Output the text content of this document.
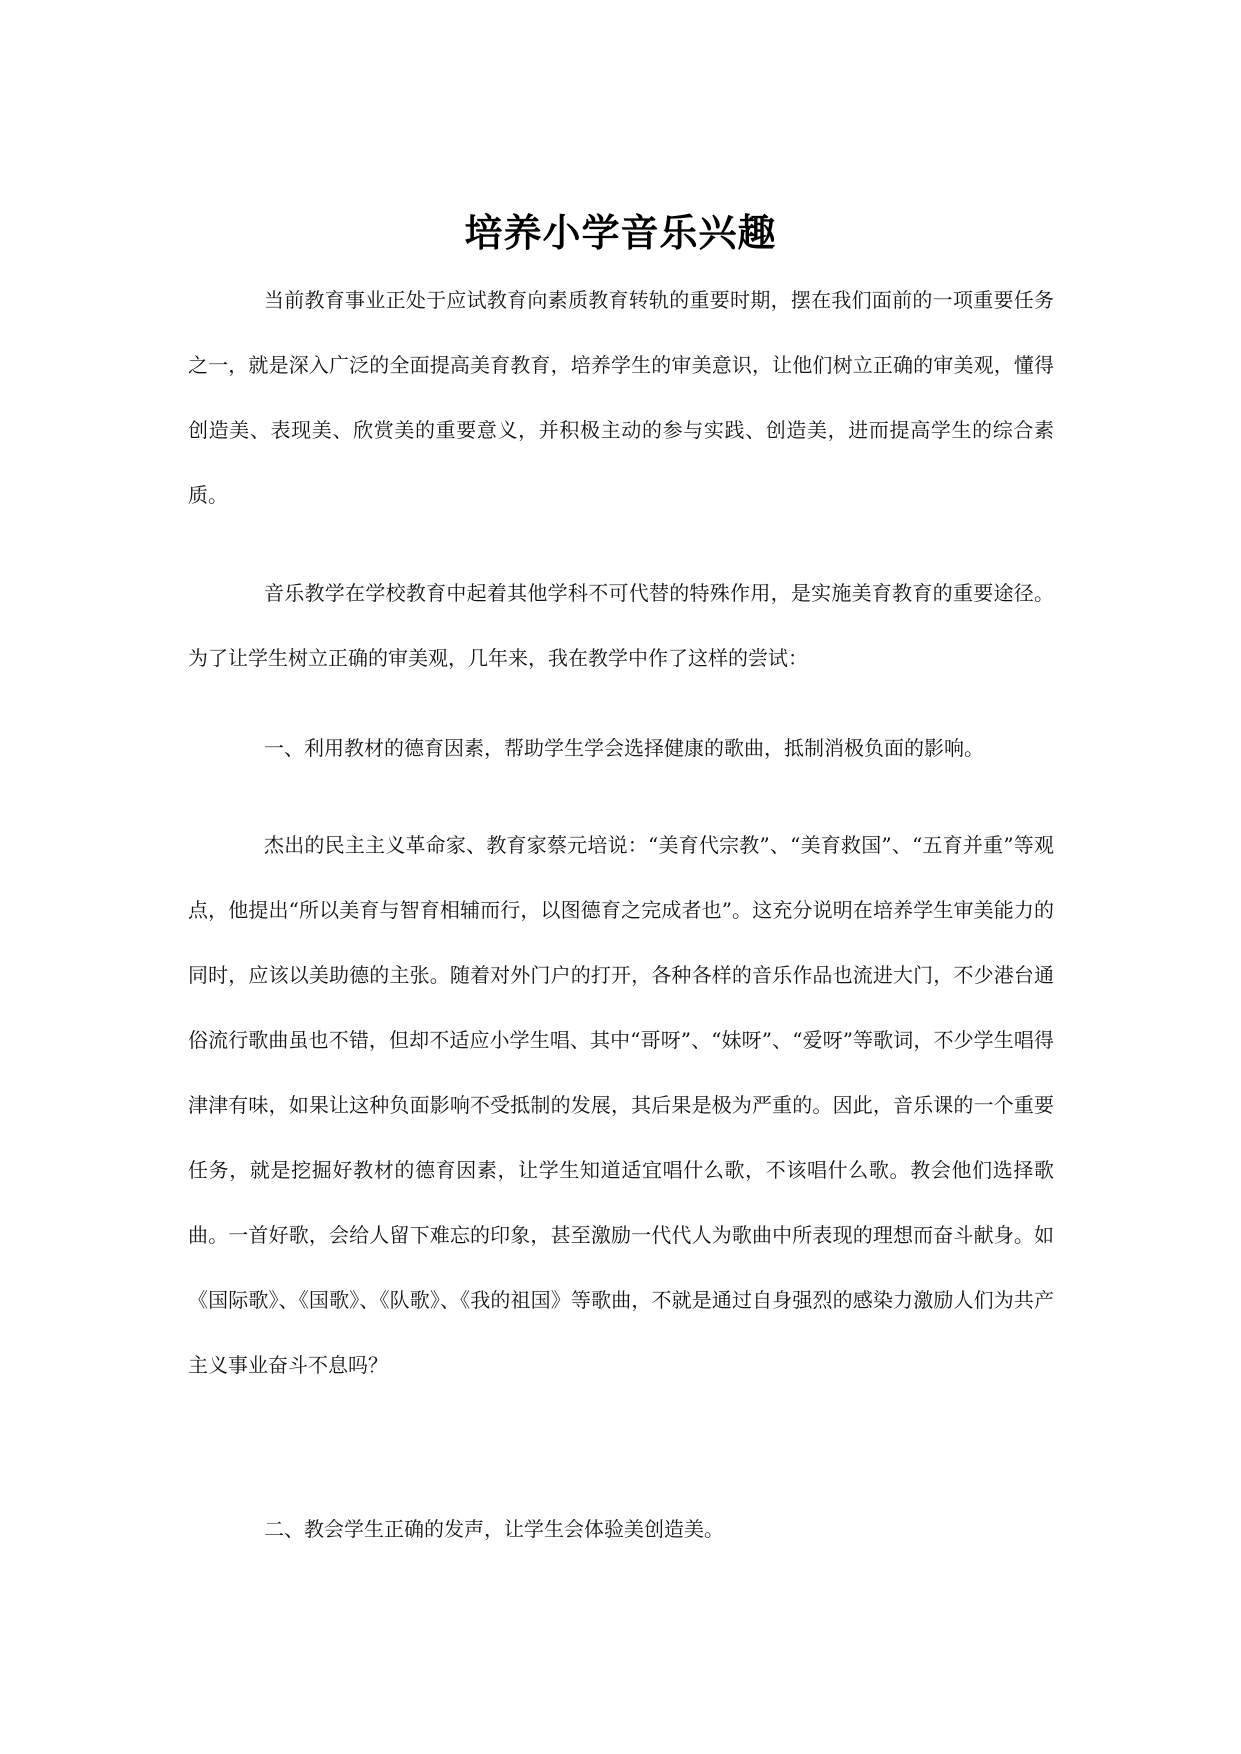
培养小学音乐兴趣

当前教育事业正处于应试教育向素质教育转轨的重要时期，摆在我们面前的一项重要任务之一，就是深入广泛的全面提高美育教育，培养学生的审美意识，让他们树立正确的审美观，懂得创造美、表现美、欣赏美的重要意义，并积极主动的参与实践、创造美，进而提高学生的综合素质。

音乐教学在学校教育中起着其他学科不可代替的特殊作用，是实施美育教育的重要途径。为了让学生树立正确的审美观，几年来，我在教学中作了这样的尝试：

一、利用教材的德育因素，帮助学生学会选择健康的歌曲，抵制消极负面的影响。

杰出的民主主义革命家、教育家蔡元培说：“美育代宗教”、“美育救国”、“五育并重”等观点，他提出“所以美育与智育相辅而行，以图德育之完成者也”。这充分说明在培养学生审美能力的同时，应该以美助德的主张。随着对外门户的打开，各种各样的音乐作品也流进大门，不少港台通俗流行歌曲虽也不错，但却不适应小学生唱、其中“哥呀”、“妹呀”、“爱呀”等歌词，不少学生唱得津津有味，如果让这种负面影响不受抵制的发展，其后果是极为严重的。因此，音乐课的一个重要任务，就是挖掘好教材的德育因素，让学生知道适宜唱什么歌，不该唱什么歌。教会他们选择歌曲。一首好歌，会给人留下难忘的印象，甚至激励一代代人为歌曲中所表现的理想而奋斗献身。如《国际歌》、《国歌》、《队歌》、《我的祖国》等歌曲，不就是通过自身强烈的感染力激励人们为共产主义事业奋斗不息吗？

二、教会学生正确的发声，让学生会体验美创造美。
